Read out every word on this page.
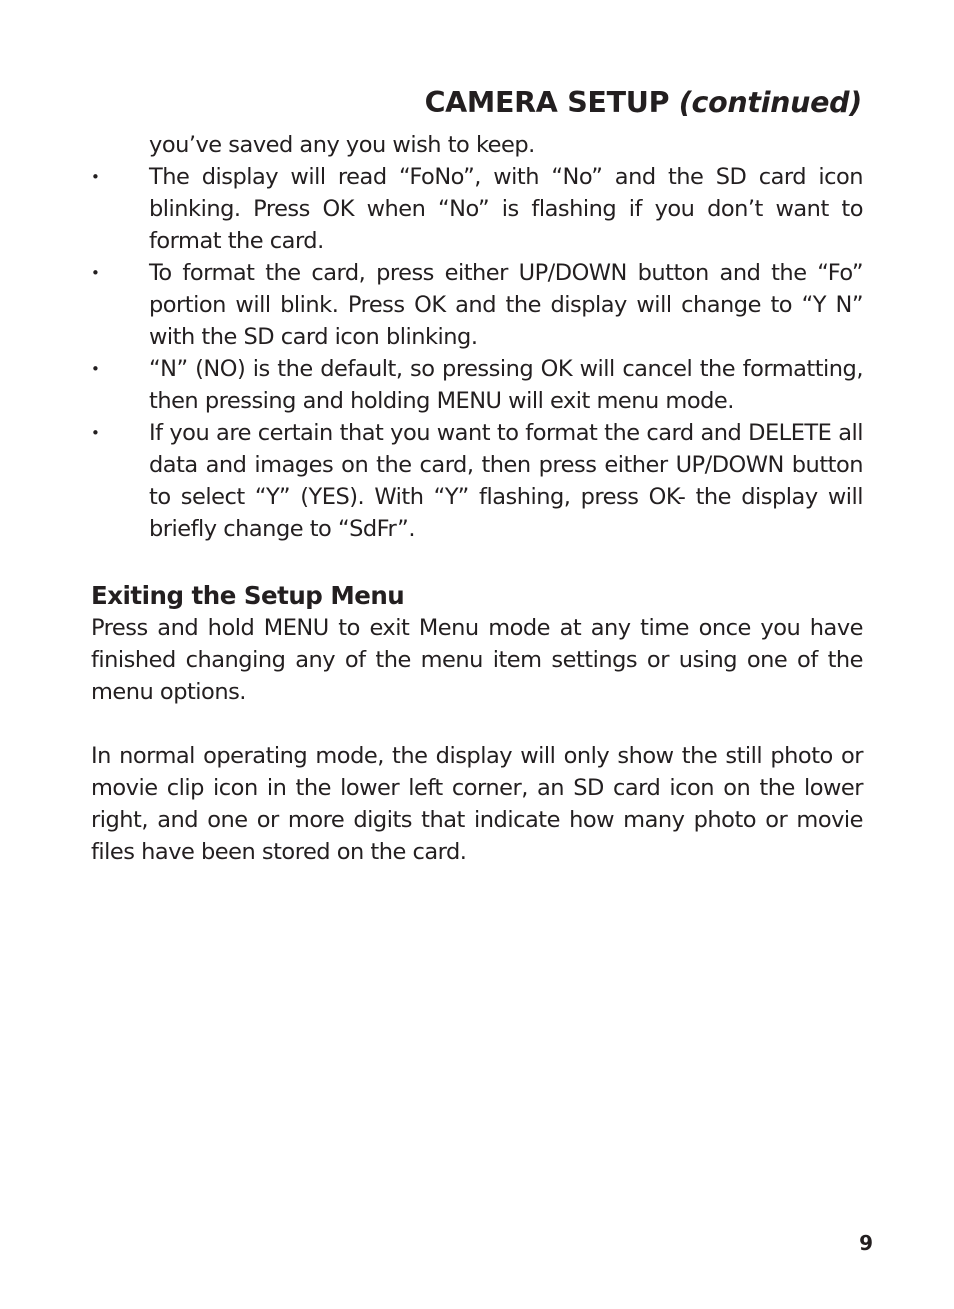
CAMERA SETUP (continued)

you’ve saved any you wish to keep.

• The display will read “FoNo”, with “No” and the SD card icon blinking. Press OK when “No” is flashing if you don’t want to format the card.
• To format the card, press either UP/DOWN button and the “Fo” portion will blink. Press OK and the display will change to “Y N” with the SD card icon blinking.
• “N” (NO) is the default, so pressing OK will cancel the formatting, then pressing and holding MENU will exit menu mode.
• If you are certain that you want to format the card and DELETE all data and images on the card, then press either UP/DOWN button to select “Y” (YES). With “Y” flashing, press OK- the display will briefly change to “SdFr”.
Exiting the Setup Menu

Press and hold MENU to exit Menu mode at any time once you have finished changing any of the menu item settings or using one of the menu options.

In normal operating mode, the display will only show the still photo or movie clip icon in the lower left corner, an SD card icon on the lower right, and one or more digits that indicate how many photo or movie files have been stored on the card.

9
